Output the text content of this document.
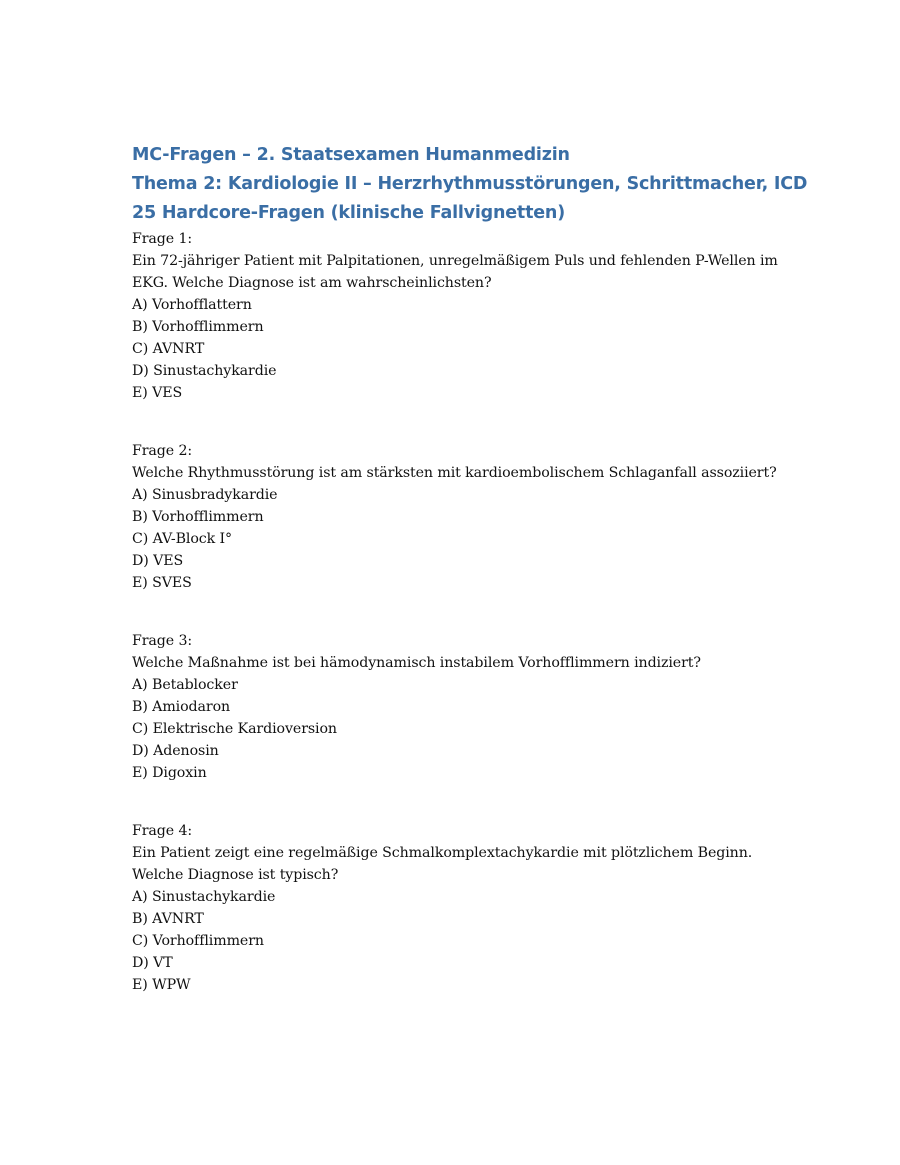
MC-Fragen – 2. Staatsexamen Humanmedizin
Thema 2: Kardiologie II – Herzrhythmusstörungen, Schrittmacher, ICD
25 Hardcore-Fragen (klinische Fallvignetten)
Frage 1:
Ein 72-jähriger Patient mit Palpitationen, unregelmäßigem Puls und fehlenden P-Wellen im EKG. Welche Diagnose ist am wahrscheinlichsten?
A) Vorhofflattern
B) Vorhofflimmern
C) AVNRT
D) Sinustachykardie
E) VES
Frage 2:
Welche Rhythmusstörung ist am stärksten mit kardioembolischem Schlaganfall assoziiert?
A) Sinusbradykardie
B) Vorhofflimmern
C) AV-Block I°
D) VES
E) SVES
Frage 3:
Welche Maßnahme ist bei hämodynamisch instabilem Vorhofflimmern indiziert?
A) Betablocker
B) Amiodaron
C) Elektrische Kardioversion
D) Adenosin
E) Digoxin
Frage 4:
Ein Patient zeigt eine regelmäßige Schmalkomplextachykardie mit plötzlichem Beginn. Welche Diagnose ist typisch?
A) Sinustachykardie
B) AVNRT
C) Vorhofflimmern
D) VT
E) WPW
